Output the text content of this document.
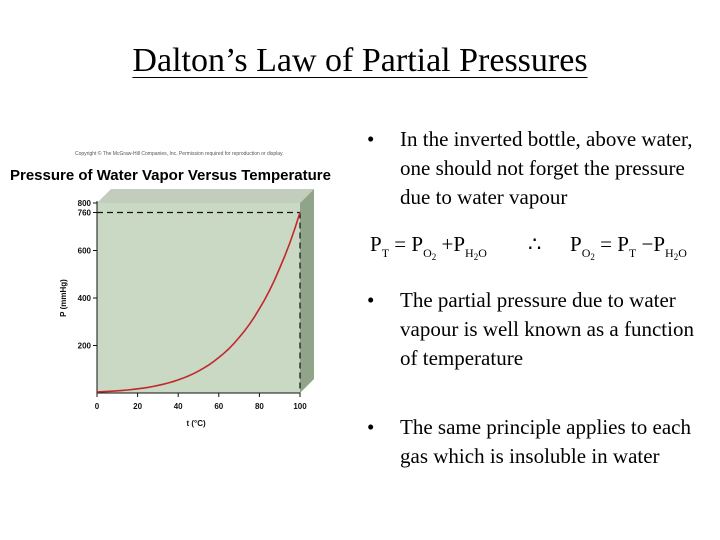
Dalton’s Law of Partial Pressures
0	20	40	60	80	100
200
400
600
760
800
t (°C)
P (mmHg)
Copyright © The McGraw-Hill Companies, Inc. Permission required for reproduction or display.
Pressure of Water Vapor Versus Temperature
• In the inverted bottle, above water, one should not forget the pressure due to water vapour
• The partial pressure due to water vapour is well known as a function of temperature
• The same principle applies to each gas which is insoluble in water
$P_T = P_{O_2} +P_{H_2O}$ ∴ $P_{O_2} = P_T -P_{H_2O}$
